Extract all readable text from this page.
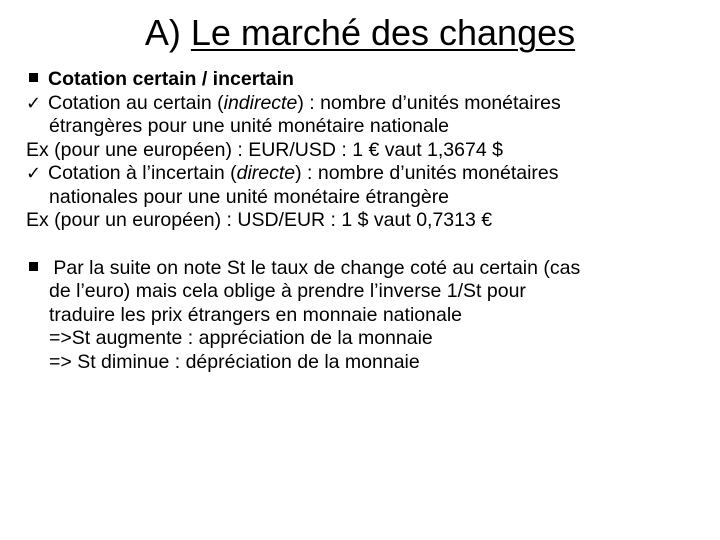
A) Le marché des changes
Cotation certain / incertain
✓ Cotation au certain (indirecte) : nombre d’unités monétaires
étrangères pour une unité monétaire nationale
Ex (pour une européen) : EUR/USD : 1 € vaut 1,3674 $
✓ Cotation à l’incertain (directe) : nombre d’unités monétaires
nationales pour une unité monétaire étrangère
Ex (pour un européen) : USD/EUR : 1 $ vaut 0,7313 €
Par la suite on note St le taux de change coté au certain (cas
de l’euro) mais cela oblige à prendre l’inverse 1/St pour
traduire les prix étrangers en monnaie nationale
=>St augmente : appréciation de la monnaie
=> St diminue : dépréciation de la monnaie
